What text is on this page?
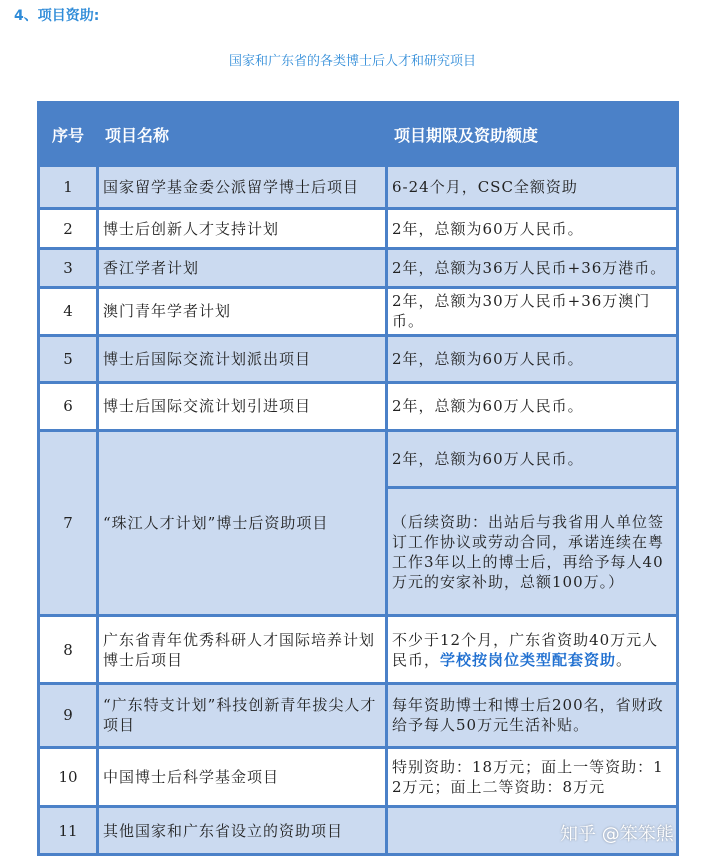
4、项目资助:
国家和广东省的各类博士后人才和研究项目
序号	项目名称	项目期限及资助额度
1	国家留学基金委公派留学博士后项目	6-24个月，CSC全额资助
2	博士后创新人才支持计划	2年，总额为60万人民币。
3	香江学者计划	2年，总额为36万人民币+36万港币。
4	澳门青年学者计划	2年，总额为30万人民币+36万澳门币。
5	博士后国际交流计划派出项目	2年，总额为60万人民币。
6	博士后国际交流计划引进项目	2年，总额为60万人民币。
7	“珠江人才计划”博士后资助项目	2年，总额为60万人民币。
		（后续资助：出站后与我省用人单位签订工作协议或劳动合同，承诺连续在粤工作3年以上的博士后，再给予每人40万元的安家补助，总额100万。）
8	广东省青年优秀科研人才国际培养计划博士后项目	不少于12个月，广东省资助40万元人民币，学校按岗位类型配套资助。
9	“广东特支计划”科技创新青年拔尖人才项目	每年资助博士和博士后200名，省财政给予每人50万元生活补贴。
10	中国博士后科学基金项目	特别资助：18万元；面上一等资助：12万元；面上二等资助：8万元
11	其他国家和广东省设立的资助项目		知乎 @笨笨熊
